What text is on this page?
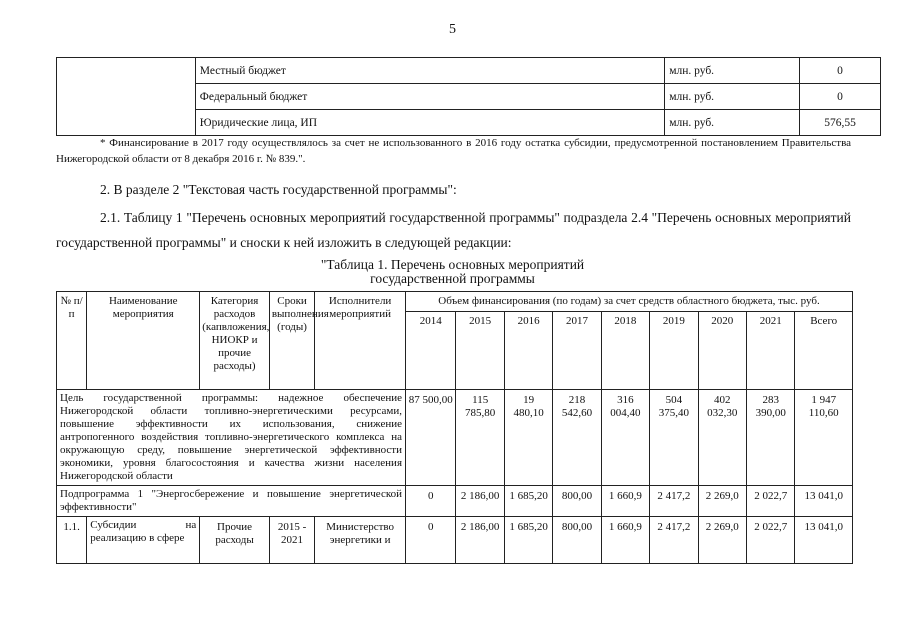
5
	Местный бюджет	млн. руб.	0
	Федеральный бюджет	млн. руб.	0
	Юридические лица, ИП	млн. руб.	576,55
* Финансирование в 2017 году осуществлялось за счет не использованного в 2016 году остатка субсидии, предусмотренной постановлением Правительства Нижегородской области от 8 декабря 2016 г. № 839.".
2. В разделе 2 "Текстовая часть государственной программы":
2.1. Таблицу 1 "Перечень основных мероприятий государственной программы" подраздела 2.4 "Перечень основных мероприятий государственной программы" и сноски к ней изложить в следующей редакции:
"Таблица 1. Перечень основных мероприятий
государственной программы
№ п/п	Наименование мероприятия	Категория расходов (капвложения, НИОКР и прочие расходы)	Сроки выполнения (годы)	Исполнители мероприятий	Объем финансирования (по годам) за счет средств областного бюджета, тыс. руб.								
					2014	2015	2016	2017	2018	2019	2020	2021	Всего
Цель государственной программы: надежное обеспечение Нижегородской области топливно-энергетическими ресурсами, повышение эффективности их использования, снижение антропогенного воздействия топливно-энергетического комплекса на окружающую среду, повышение энергетической эффективности экономики, уровня благосостояния и качества жизни населения Нижегородской области					87 500,00	115 785,80	19 480,10	218 542,60	316 004,40	504 375,40	402 032,30	283 390,00	1 947 110,60
Подпрограмма 1 "Энергосбережение и повышение энергетической эффективности"					0	2 186,00	1 685,20	800,00	1 660,9	2 417,2	2 269,0	2 022,7	13 041,0
1.1.	Субсидии на реализацию в сфере	Прочие расходы	2015 - 2021	Министерство энергетики и	0	2 186,00	1 685,20	800,00	1 660,9	2 417,2	2 269,0	2 022,7	13 041,0
